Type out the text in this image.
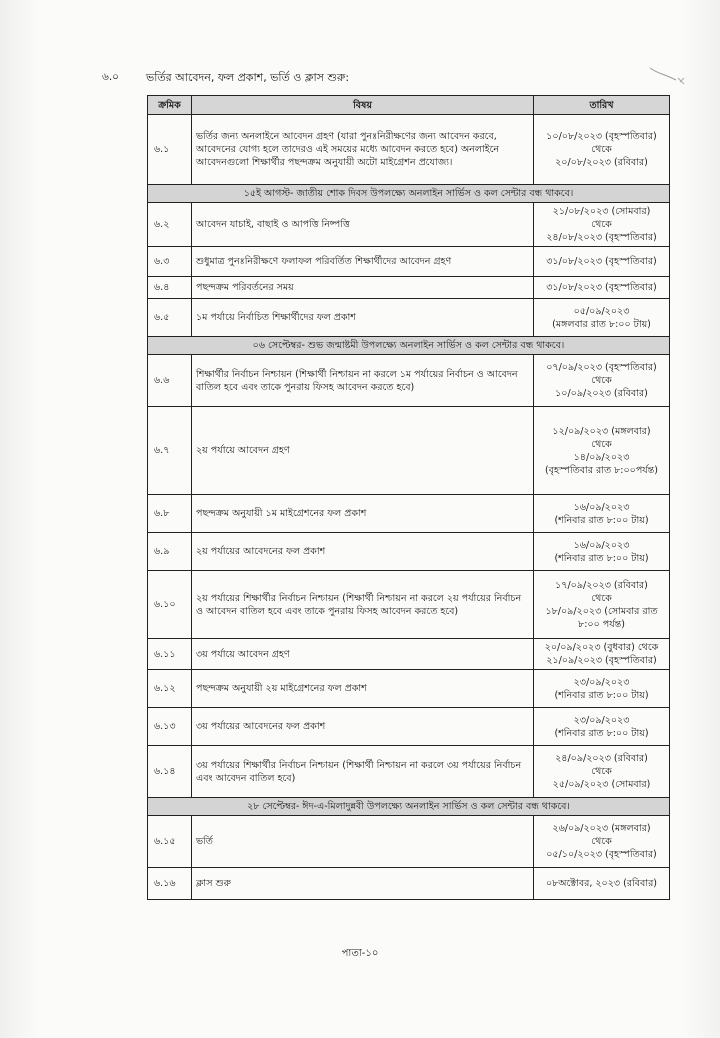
৬.০ ভর্তির আবেদন, ফল প্রকাশ, ভর্তি ও ক্লাস শুরু:
ক্রমিক	বিষয়	তারিখ
৬.১	ভর্তির জন্য অনলাইনে আবেদন গ্রহণ (যারা পুনঃনিরীক্ষণের জন্য আবেদন করবে, আবেদনের যোগ্য হলে তাদেরও এই সময়ের মধ্যে আবেদন করতে হবে) অনলাইনে আবেদনগুলো শিক্ষার্থীর পছন্দক্রম অনুযায়ী অটো মাইগ্রেশন প্রযোজ্য।	১০/০৮/২০২৩ (বৃহস্পতিবার)
থেকে
২০/০৮/২০২৩ (রবিবার)

১৫ই আগস্ট- জাতীয় শোক দিবস উপলক্ষ্যে অনলাইন সার্ভিস ও কল সেন্টার বন্ধ থাকবে।		
৬.২	আবেদন যাচাই, বাছাই ও আপত্তি নিষ্পত্তি	২১/০৮/২০২৩ (সোমবার)
থেকে
২৪/০৮/২০২৩ (বৃহস্পতিবার)

৬.৩	শুধুমাত্র পুনঃনিরীক্ষণে ফলাফল পরিবর্তিত শিক্ষার্থীদের আবেদন গ্রহণ	৩১/০৮/২০২৩ (বৃহস্পতিবার)

৬.৪	পছন্দক্রম পরিবর্তনের সময়	৩১/০৮/২০২৩ (বৃহস্পতিবার)

৬.৫	১ম পর্যায়ে নির্বাচিত শিক্ষার্থীদের ফল প্রকাশ	০৫/০৯/২০২৩
(মঙ্গলবার রাত ৮:০০ টায়)

০৬ সেপ্টেম্বর- শুভ জন্মাষ্টমী উপলক্ষ্যে অনলাইন সার্ভিস ও কল সেন্টার বন্ধ থাকবে।		
৬.৬	শিক্ষার্থীর নির্বাচন নিশ্চায়ন (শিক্ষার্থী নিশ্চায়ন না করলে ১ম পর্যায়ের নির্বাচন ও আবেদন বাতিল হবে এবং তাকে পুনরায় ফিসহ আবেদন করতে হবে)	০৭/০৯/২০২৩ (বৃহস্পতিবার)
থেকে
১০/০৯/২০২৩ (রবিবার)

৬.৭	২য় পর্যায়ে আবেদন গ্রহণ	১২/০৯/২০২৩ (মঙ্গলবার)
থেকে
১৪/০৯/২০২৩
(বৃহস্পতিবার রাত ৮:০০পর্যন্ত)

৬.৮	পছন্দক্রম অনুযায়ী ১ম মাইগ্রেশনের ফল প্রকাশ	১৬/০৯/২০২৩
(শনিবার রাত ৮:০০ টায়)

৬.৯	২য় পর্যায়ের আবেদনের ফল প্রকাশ	১৬/০৯/২০২৩
(শনিবার রাত ৮:০০ টায়)

৬.১০	২য় পর্যায়ের শিক্ষার্থীর নির্বাচন নিশ্চায়ন (শিক্ষার্থী নিশ্চায়ন না করলে ২য় পর্যায়ের নির্বাচন ও আবেদন বাতিল হবে এবং তাকে পুনরায় ফিসহ আবেদন করতে হবে)	১৭/০৯/২০২৩ (রবিবার)
থেকে
১৮/০৯/২০২৩ (সোমবার রাত
৮:০০ পর্যন্ত)

৬.১১	৩য় পর্যায়ে আবেদন গ্রহণ	২০/০৯/২০২৩ (বুধবার) থেকে
২১/০৯/২০২৩ (বৃহস্পতিবার)

৬.১২	পছন্দক্রম অনুযায়ী ২য় মাইগ্রেশনের ফল প্রকাশ	২৩/০৯/২০২৩
(শনিবার রাত ৮:০০ টায়)

৬.১৩	৩য় পর্যায়ের আবেদনের ফল প্রকাশ	২৩/০৯/২০২৩
(শনিবার রাত ৮:০০ টায়)

৬.১৪	৩য় পর্যায়ের শিক্ষার্থীর নির্বাচন নিশ্চায়ন (শিক্ষার্থী নিশ্চায়ন না করলে ৩য় পর্যায়ের নির্বাচন এবং আবেদন বাতিল হবে)	২৪/০৯/২০২৩ (রবিবার)
থেকে
২৫/০৯/২০২৩ (সোমবার)

২৮ সেপ্টেম্বর- ঈদ-এ-মিলাদুন্নবী উপলক্ষ্যে অনলাইন সার্ভিস ও কল সেন্টার বন্ধ থাকবে।		
৬.১৫	ভর্তি	২৬/০৯/২০২৩ (মঙ্গলবার)
থেকে
০৫/১০/২০২৩ (বৃহস্পতিবার)

৬.১৬	ক্লাস শুরু	০৮অক্টোবর, ২০২৩ (রবিবার)
পাতা-১০
